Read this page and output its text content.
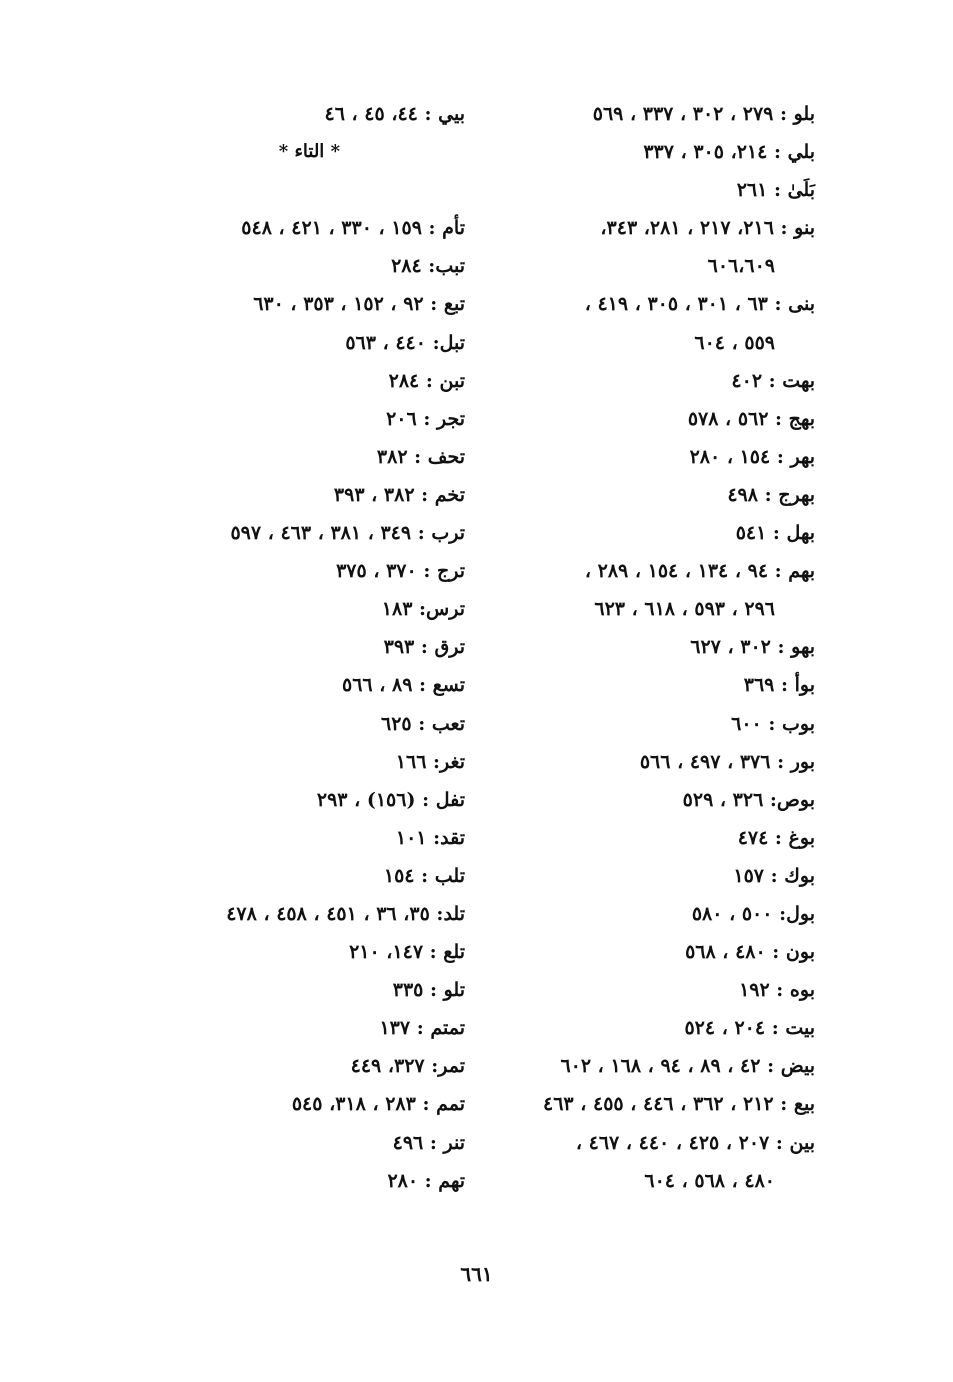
بلو : ٢٧٩ ، ٣٠٢ ، ٣٣٧ ، ٥٦٩
بلي : ٢١٤، ٣٠٥ ، ٣٣٧
بَلَىٰ : ٢٦١
بنو : ٢١٦، ٢١٧ ، ٢٨١، ٣٤٣،
٦٠٦،٦٠٩
بنى : ٦٣ ، ٣٠١ ، ٣٠٥ ، ٤١٩ ،
٥٥٩ ، ٦٠٤
بهت : ٤٠٢
بهج : ٥٦٢ ، ٥٧٨
بهر : ١٥٤ ، ٢٨٠
بهرج : ٤٩٨
بهل : ٥٤١
بهم : ٩٤ ، ١٣٤ ، ١٥٤ ، ٢٨٩ ،
٢٩٦ ، ٥٩٣ ، ٦١٨ ، ٦٢٣
بهو : ٣٠٢ ، ٦٢٧
بوأ : ٣٦٩
بوب : ٦٠٠
بور : ٣٧٦ ، ٤٩٧ ، ٥٦٦
بوص: ٣٢٦ ، ٥٢٩
بوغ : ٤٧٤
بوك : ١٥٧
بول: ٥٠٠ ، ٥٨٠
بون : ٤٨٠ ، ٥٦٨
بوه : ١٩٢
بيت : ٢٠٤ ، ٥٢٤
بيض : ٤٢ ، ٨٩ ، ٩٤ ، ١٦٨ ، ٦٠٢
بيع : ٢١٢ ، ٣٦٢ ، ٤٤٦ ، ٤٥٥ ، ٤٦٣
بين : ٢٠٧ ، ٤٢٥ ، ٤٤٠ ، ٤٦٧ ،
٤٨٠ ، ٥٦٨ ، ٦٠٤
بيي : ٤٤، ٤٥ ، ٤٦
* التاء *
تأم : ١٥٩ ، ٣٣٠ ، ٤٢١ ، ٥٤٨
تبب: ٢٨٤
تبع : ٩٢ ، ١٥٢ ، ٣٥٣ ، ٦٣٠
تبل: ٤٤٠ ، ٥٦٣
تبن : ٢٨٤
تجر : ٢٠٦
تحف : ٣٨٢
تخم : ٣٨٢ ، ٣٩٣
ترب : ٣٤٩ ، ٣٨١ ، ٤٦٣ ، ٥٩٧
ترج : ٣٧٠ ، ٣٧٥
ترس: ١٨٣
ترق : ٣٩٣
تسع : ٨٩ ، ٥٦٦
تعب : ٦٢٥
تغر: ١٦٦
تفل : (١٥٦) ، ٢٩٣
تقد: ١٠١
تلب : ١٥٤
تلد: ٣٥، ٣٦ ، ٤٥١ ، ٤٥٨ ، ٤٧٨
تلع : ١٤٧، ٢١٠
تلو : ٣٣٥
تمتم : ١٣٧
تمر: ٣٢٧، ٤٤٩
تمم : ٢٨٣ ، ٣١٨، ٥٤٥
تنر : ٤٩٦
تهم : ٢٨٠
٦٦١
